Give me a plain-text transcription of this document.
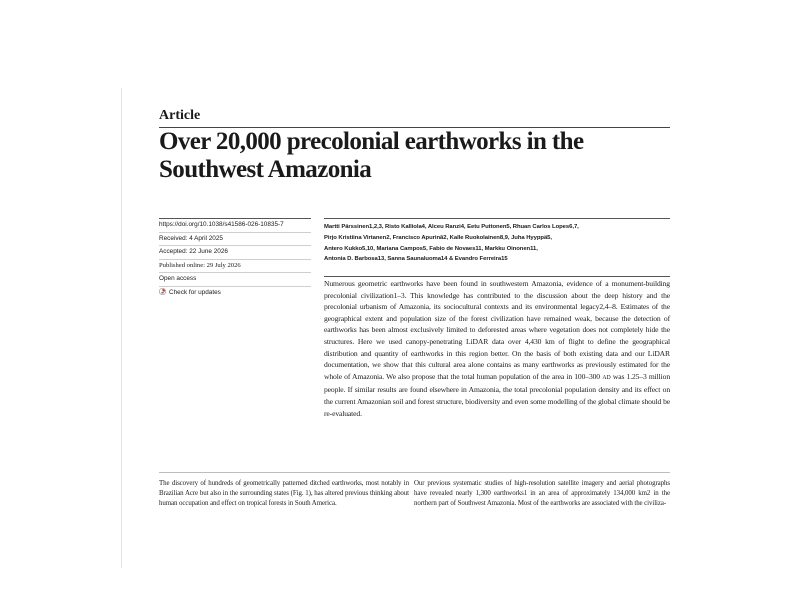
Article
Over 20,000 precolonial earthworks in the Southwest Amazonia
https://doi.org/10.1038/s41586-026-10835-7
Received: 4 April 2025
Accepted: 22 June 2026
Published online: 29 July 2026
Open access
Check for updates
Martti Pärssinen1,2,3, Risto Kalliola4, Alceu Ranzi4, Eetu Puttonen5, Rhuan Carlos Lopes6,7,
Pirjo Kristiina Virtanen2, Francisco Apurinã2, Kalle Ruokolainen8,9, Juha Hyyppä5,
Antero Kukko5,10, Mariana Campos5, Fabio de Novaes11, Markku Oinonen11,
Antonia D. Barbosa13, Sanna Saunaluoma14 & Evandro Ferreira15
Numerous geometric earthworks have been found in southwestern Amazonia, evidence of a monument-building precolonial civilization1–3. This knowledge has contributed to the discussion about the deep history and the precolonial urbanism of Amazonia, its sociocultural contexts and its environmental legacy2,4–8. Estimates of the geographical extent and population size of the forest civilization have remained weak, because the detection of earthworks has been almost exclusively limited to deforested areas where vegetation does not completely hide the structures. Here we used canopy-penetrating LiDAR data over 4,430 km of flight to define the geographical distribution and quantity of earthworks in this region better. On the basis of both existing data and our LiDAR documentation, we show that this cultural area alone contains as many earthworks as previously estimated for the whole of Amazonia. We also propose that the total human population of the area in 100–300 AD was 1.25–3 million people. If similar results are found elsewhere in Amazonia, the total precolonial population density and its effect on the current Amazonian soil and forest structure, biodiversity and even some modelling of the global climate should be re-evaluated.
The discovery of hundreds of geometrically patterned ditched earthworks, most notably in Brazilian Acre but also in the surrounding states (Fig. 1), has altered previous thinking about human occupation and effect on tropical forests in South America.
Our previous systematic studies of high-resolution satellite imagery and aerial photographs have revealed nearly 1,300 earthworks1 in an area of approximately 134,000 km2 in the northern part of Southwest Amazonia. Most of the earthworks are associated with the civiliza-
